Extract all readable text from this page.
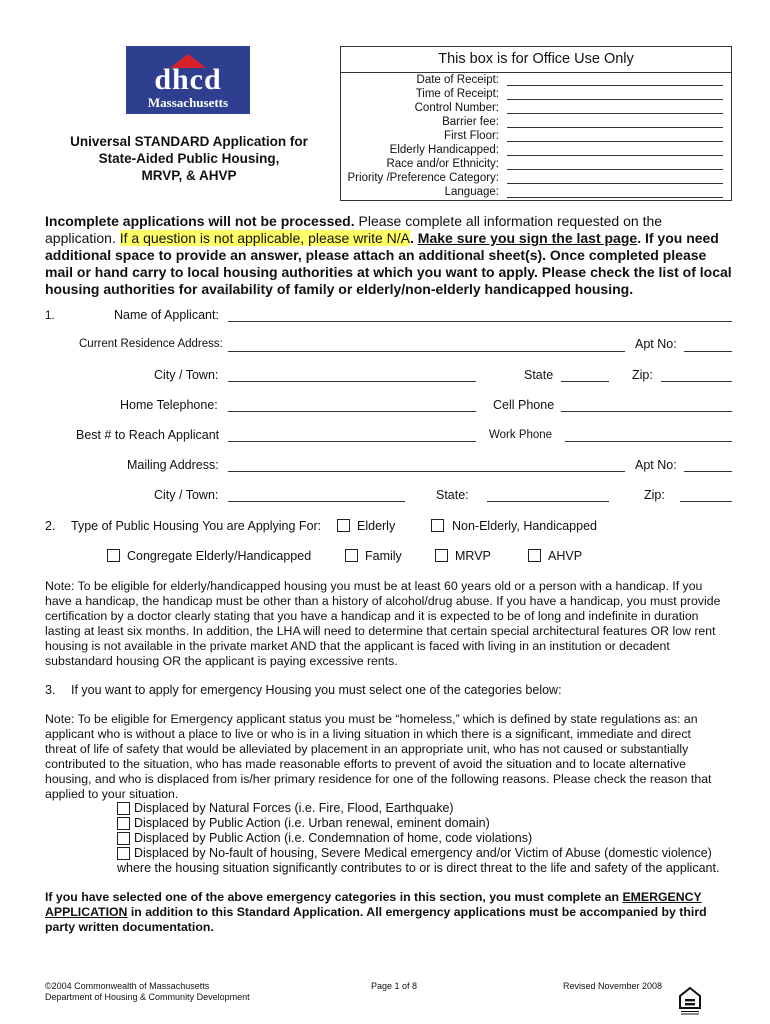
dhcd
Massachusetts
Universal STANDARD Application for
State-Aided Public Housing,
MRVP, & AHVP
This box is for Office Use Only
Date of Receipt:
Time of Receipt:
Control Number:
Barrier fee:
First Floor:
Elderly Handicapped:
Race and/or Ethnicity:
Priority /Preference Category:
Language:
Incomplete applications will not be processed. Please complete all information requested on the application. If a question is not applicable, please write N/A. Make sure you sign the last page. If you need additional space to provide an answer, please attach an additional sheet(s). Once completed please mail or hand carry to local housing authorities at which you want to apply. Please check the list of local housing authorities for availability of family or elderly/non-elderly handicapped housing.
1.	Name of Applicant:
Current Residence Address:	Apt No:
City / Town:	State	Zip:
Home Telephone:	Cell Phone
Best # to Reach Applicant	Work Phone
Mailing Address:	Apt No:
City / Town:	State:	Zip:
2. Type of Public Housing You are Applying For:	Elderly	Non-Elderly, Handicapped
Congregate Elderly/Handicapped	Family	MRVP	AHVP
Note: To be eligible for elderly/handicapped housing you must be at least 60 years old or a person with a handicap. If you have a handicap, the handicap must be other than a history of alcohol/drug abuse. If you have a handicap, you must provide certification by a doctor clearly stating that you have a handicap and it is expected to be of long and indefinite in duration lasting at least six months. In addition, the LHA will need to determine that certain special architectural features OR low rent housing is not available in the private market AND that the applicant is faced with living in an institution or decadent substandard housing OR the applicant is paying excessive rents.
3. If you want to apply for emergency Housing you must select one of the categories below:
Note: To be eligible for Emergency applicant status you must be “homeless,” which is defined by state regulations as: an applicant who is without a place to live or who is in a living situation in which there is a significant, immediate and direct threat of life of safety that would be alleviated by placement in an appropriate unit, who has not caused or substantially contributed to the situation, who has made reasonable efforts to prevent of avoid the situation and to locate alternative housing, and who is displaced from is/her primary residence for one of the following reasons. Please check the reason that applied to your situation.
Displaced by Natural Forces (i.e. Fire, Flood, Earthquake)
Displaced by Public Action (i.e. Urban renewal, eminent domain)
Displaced by Public Action (i.e. Condemnation of home, code violations)
Displaced by No-fault of housing, Severe Medical emergency and/or Victim of Abuse (domestic violence)
where the housing situation significantly contributes to or is direct threat to the life and safety of the applicant.
If you have selected one of the above emergency categories in this section, you must complete an EMERGENCY APPLICATION in addition to this Standard Application. All emergency applications must be accompanied by third party written documentation.
©2004 Commonwealth of Massachusetts
Department of Housing & Community Development
Page 1 of 8	Revised November 2008
